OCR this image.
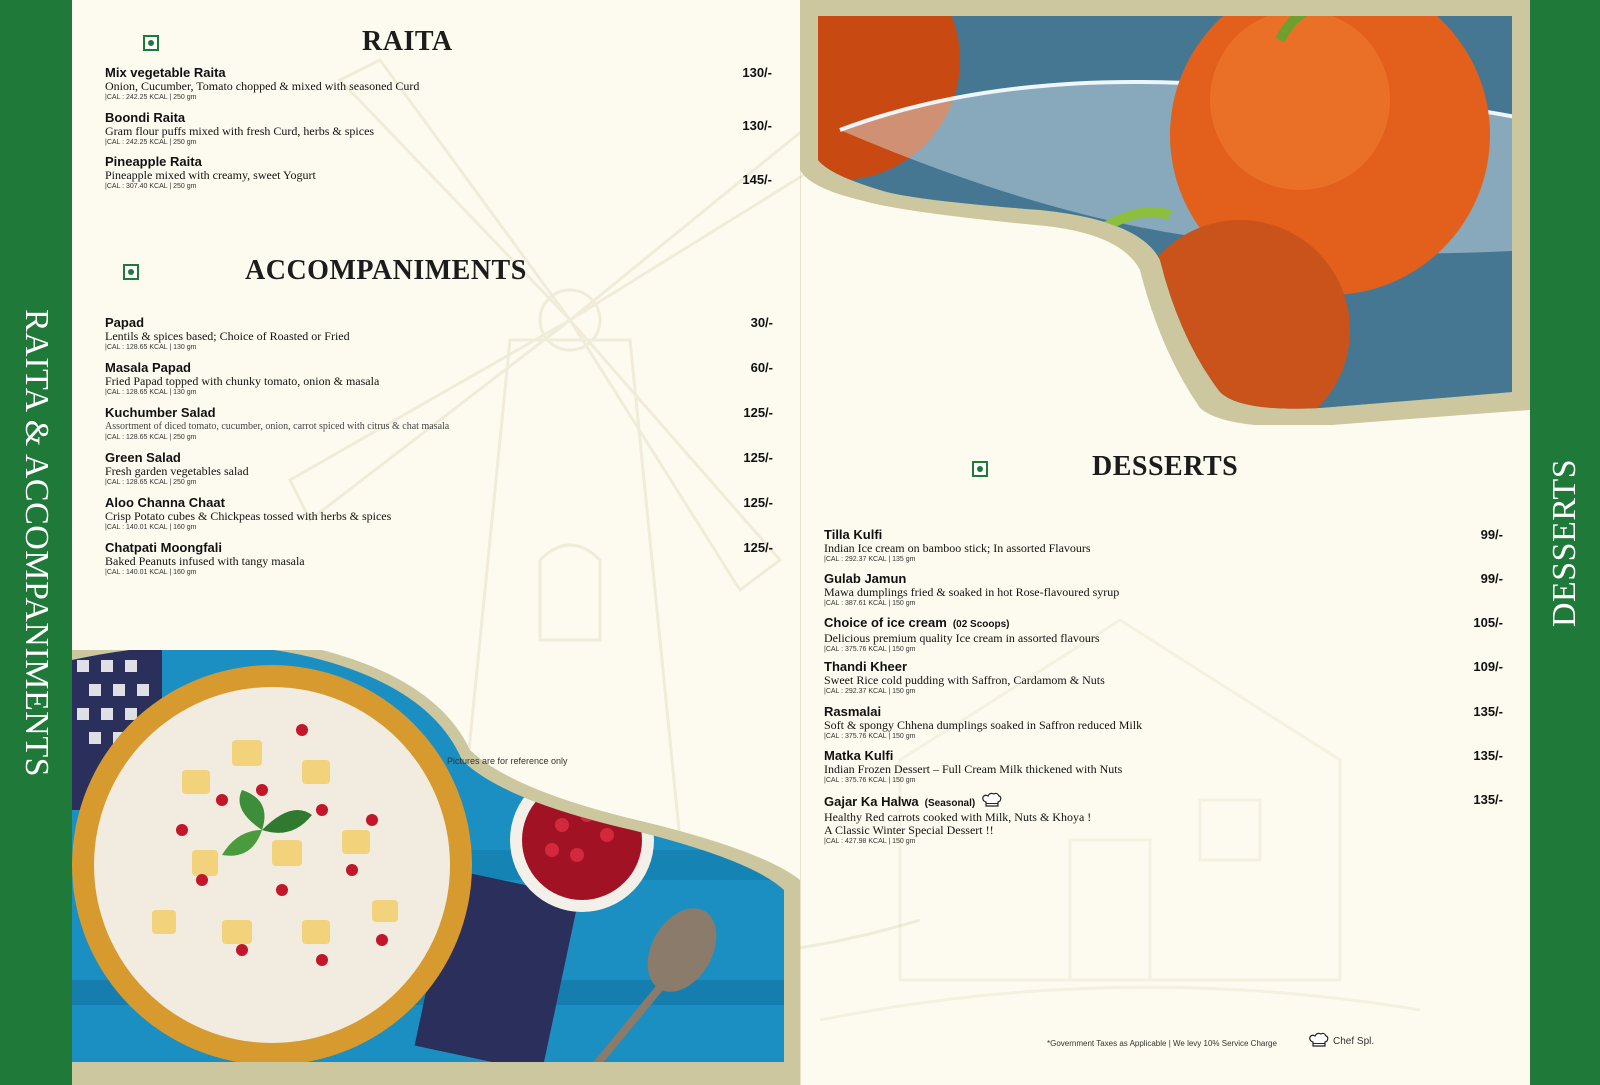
RAITA & ACCOMPANIMENTS	DESSERTS
RAITA
Mix vegetable Raita
Onion, Cucumber, Tomato chopped & mixed with seasoned Curd
|CAL : 242.25 KCAL | 250 gm
130/-
Boondi Raita
Gram flour puffs mixed with fresh Curd, herbs & spices
|CAL : 242.25 KCAL | 250 gm
130/-
Pineapple Raita
Pineapple mixed with creamy, sweet Yogurt
|CAL : 307.40 KCAL | 250 gm	145/-
ACCOMPANIMENTS
Papad
Lentils & spices based; Choice of Roasted or Fried
|CAL : 128.65 KCAL | 130 gm
30/-
Masala Papad
Fried Papad topped with chunky tomato, onion & masala
|CAL : 128.65 KCAL | 130 gm
60/-
Kuchumber Salad
Assortment of diced tomato, cucumber, onion, carrot spiced with citrus & chat masala
|CAL : 128.65 KCAL | 250 gm
125/-
Green Salad
Fresh garden vegetables salad
|CAL : 128.65 KCAL | 250 gm
125/-
Aloo Channa Chaat
Crisp Potato cubes & Chickpeas tossed with herbs & spices
|CAL : 140.01 KCAL | 160 gm
125/-
Chatpati Moongfali
Baked Peanuts infused with tangy masala
|CAL : 140.01 KCAL | 160 gm
125/-
Pictures are for reference only
DESSERTS
Tilla Kulfi
Indian Ice cream on bamboo stick; In assorted Flavours
|CAL : 292.37 KCAL | 135 gm
99/-
Gulab Jamun
Mawa dumplings fried & soaked in hot Rose-flavoured syrup
|CAL : 387.61 KCAL | 150 gm
99/-
Choice of ice cream (02 Scoops)
Delicious premium quality Ice cream in assorted flavours
|CAL : 375.76 KCAL | 150 gm
105/-
Thandi Kheer
Sweet Rice cold pudding with Saffron, Cardamom & Nuts
|CAL : 292.37 KCAL | 150 gm
109/-
Rasmalai
Soft & spongy Chhena dumplings soaked in Saffron reduced Milk
|CAL : 375.76 KCAL | 150 gm
135/-
Matka Kulfi
Indian Frozen Dessert – Full Cream Milk thickened with Nuts
|CAL : 375.76 KCAL | 150 gm
135/-
Gajar Ka Halwa (Seasonal)
Healthy Red carrots cooked with Milk, Nuts & Khoya !
A Classic Winter Special Dessert !!
|CAL : 427.98 KCAL | 150 gm
135/-
*Government Taxes as Applicable | We levy 10% Service Charge	Chef Spl.
